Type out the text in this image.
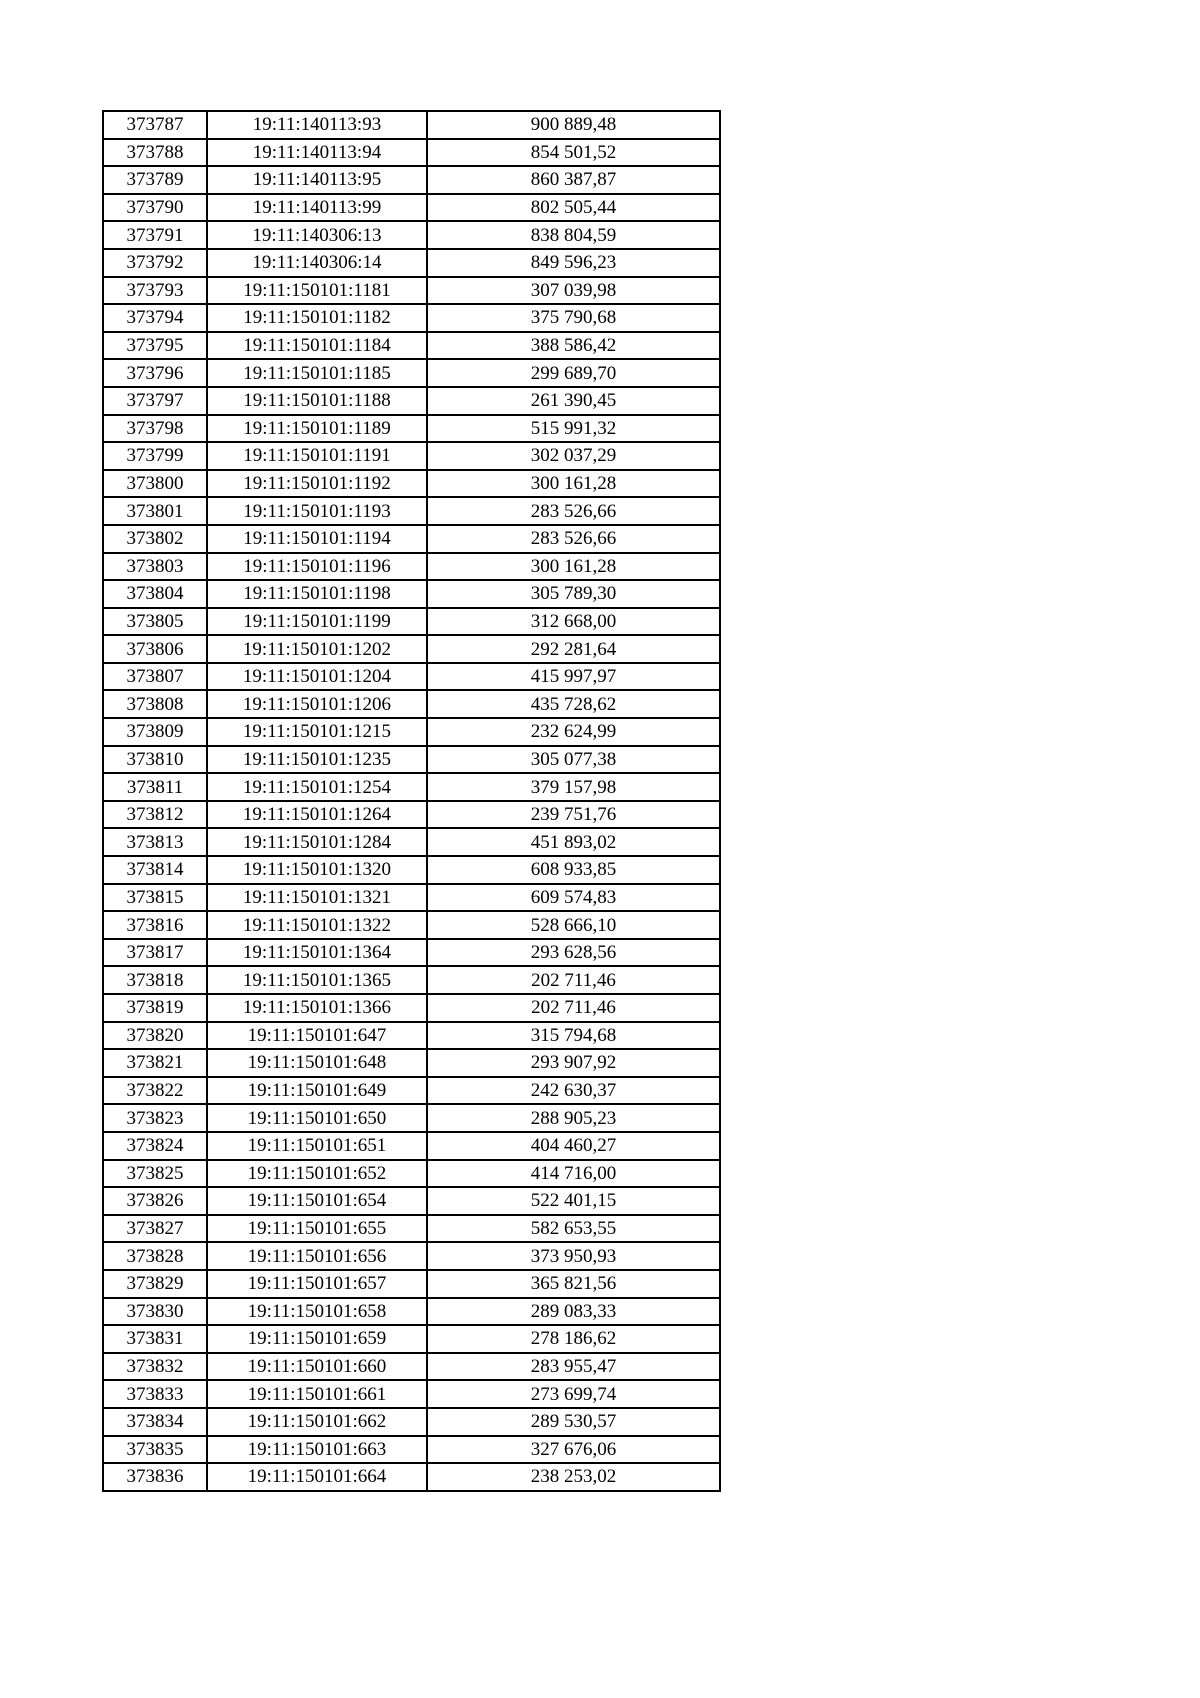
373787	19:11:140113:93	900 889,48
373788	19:11:140113:94	854 501,52
373789	19:11:140113:95	860 387,87
373790	19:11:140113:99	802 505,44
373791	19:11:140306:13	838 804,59
373792	19:11:140306:14	849 596,23
373793	19:11:150101:1181	307 039,98
373794	19:11:150101:1182	375 790,68
373795	19:11:150101:1184	388 586,42
373796	19:11:150101:1185	299 689,70
373797	19:11:150101:1188	261 390,45
373798	19:11:150101:1189	515 991,32
373799	19:11:150101:1191	302 037,29
373800	19:11:150101:1192	300 161,28
373801	19:11:150101:1193	283 526,66
373802	19:11:150101:1194	283 526,66
373803	19:11:150101:1196	300 161,28
373804	19:11:150101:1198	305 789,30
373805	19:11:150101:1199	312 668,00
373806	19:11:150101:1202	292 281,64
373807	19:11:150101:1204	415 997,97
373808	19:11:150101:1206	435 728,62
373809	19:11:150101:1215	232 624,99
373810	19:11:150101:1235	305 077,38
373811	19:11:150101:1254	379 157,98
373812	19:11:150101:1264	239 751,76
373813	19:11:150101:1284	451 893,02
373814	19:11:150101:1320	608 933,85
373815	19:11:150101:1321	609 574,83
373816	19:11:150101:1322	528 666,10
373817	19:11:150101:1364	293 628,56
373818	19:11:150101:1365	202 711,46
373819	19:11:150101:1366	202 711,46
373820	19:11:150101:647	315 794,68
373821	19:11:150101:648	293 907,92
373822	19:11:150101:649	242 630,37
373823	19:11:150101:650	288 905,23
373824	19:11:150101:651	404 460,27
373825	19:11:150101:652	414 716,00
373826	19:11:150101:654	522 401,15
373827	19:11:150101:655	582 653,55
373828	19:11:150101:656	373 950,93
373829	19:11:150101:657	365 821,56
373830	19:11:150101:658	289 083,33
373831	19:11:150101:659	278 186,62
373832	19:11:150101:660	283 955,47
373833	19:11:150101:661	273 699,74
373834	19:11:150101:662	289 530,57
373835	19:11:150101:663	327 676,06
373836	19:11:150101:664	238 253,02
